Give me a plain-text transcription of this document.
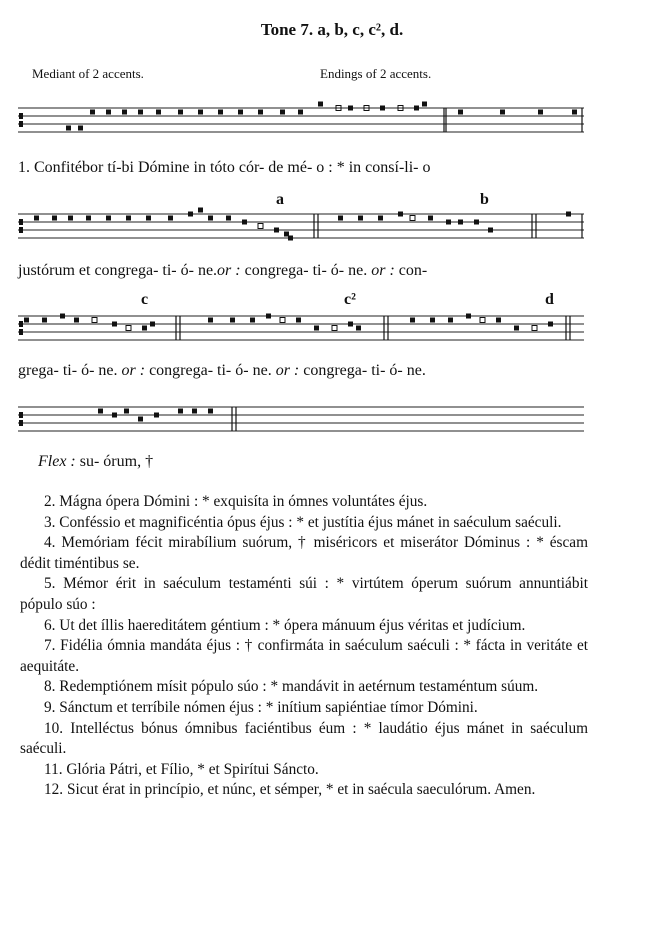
Tone 7. a, b, c, c², d.
Mediant of 2 accents.	Endings of 2 accents.
1. Confitébor tí-bi Dómine in tóto cór- de mé- o : * in consí-li- o
a	b
justórum et congrega- ti- ó- ne.or : congrega- ti- ó- ne. or : con-
c	c²	d
grega- ti- ó- ne. or : congrega- ti- ó- ne. or : congrega- ti- ó- ne.
Flex : su- órum, †

2. Mágna ópera Dómini : * exquisíta in ómnes voluntátes éjus.

3. Conféssio et magnificéntia ópus éjus : * et justítia éjus mánet in saéculum saéculi.

4. Memóriam fécit mirabílium suórum, † miséricors et miserátor Dóminus : * éscam dédit timéntibus se.

5. Mémor érit in saéculum testaménti súi : * virtútem óperum suórum annuntiábit pópulo súo :

6. Ut det íllis haereditátem géntium : * ópera mánuum éjus véritas et judícium.

7. Fidélia ómnia mandáta éjus : † confirmáta in saéculum saéculi : * fácta in veritáte et aequitáte.

8. Redemptiónem mísit pópulo súo : * mandávit in aetérnum testaméntum súum.

9. Sánctum et terríbile nómen éjus : * inítium sapiéntiae tímor Dómini.

10. Intelléctus bónus ómnibus faciéntibus éum : * laudátio éjus mánet in saéculum saéculi.

11. Glória Pátri, et Fílio, * et Spirítui Sáncto.

12. Sicut érat in princípio, et núnc, et sémper, * et in saécula saeculórum. Amen.
